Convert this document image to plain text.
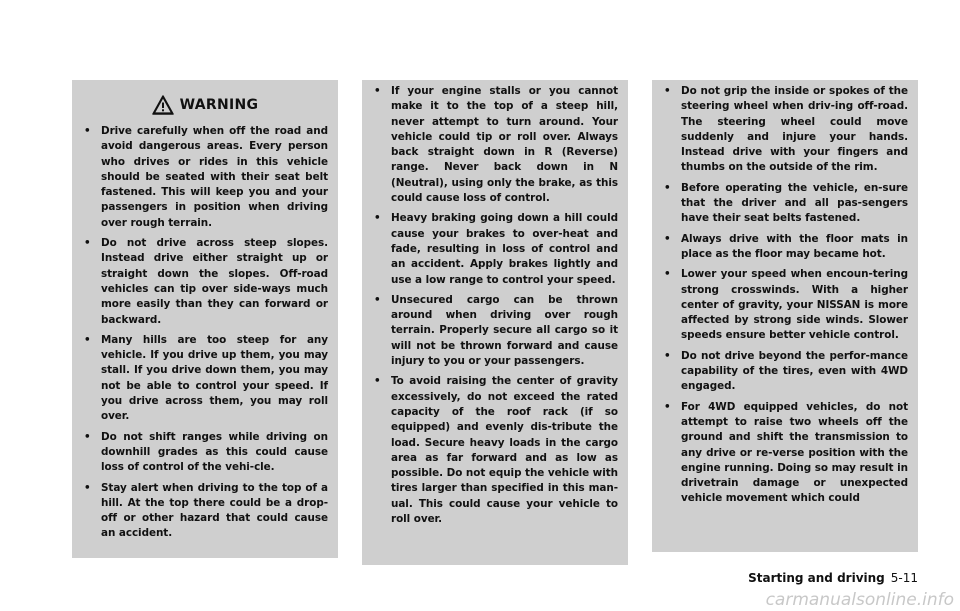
WARNING
• Drive carefully when off the road and avoid dangerous areas. Every person who drives or rides in this vehicle should be seated with their seat belt fastened. This will keep you and your passengers in position when driving over rough terrain.
• Do not drive across steep slopes. Instead drive either straight up or straight down the slopes. Off-road vehicles can tip over side-ways much more easily than they can forward or backward.
• Many hills are too steep for any vehicle. If you drive up them, you may stall. If you drive down them, you may not be able to control your speed. If you drive across them, you may roll over.
• Do not shift ranges while driving on downhill grades as this could cause loss of control of the vehi-cle.
• Stay alert when driving to the top of a hill. At the top there could be a drop-off or other hazard that could cause an accident.
• If your engine stalls or you cannot make it to the top of a steep hill, never attempt to turn around. Your vehicle could tip or roll over. Always back straight down in R (Reverse) range. Never back down in N (Neutral), using only the brake, as this could cause loss of control.
• Heavy braking going down a hill could cause your brakes to over-heat and fade, resulting in loss of control and an accident. Apply brakes lightly and use a low range to control your speed.
• Unsecured cargo can be thrown around when driving over rough terrain. Properly secure all cargo so it will not be thrown forward and cause injury to you or your passengers.
• To avoid raising the center of gravity excessively, do not exceed the rated capacity of the roof rack (if so equipped) and evenly dis-tribute the load. Secure heavy loads in the cargo area as far forward and as low as possible. Do not equip the vehicle with tires larger than specified in this man-ual. This could cause your vehicle to roll over.
• Do not grip the inside or spokes of the steering wheel when driv-ing off-road. The steering wheel could move suddenly and injure your hands. Instead drive with your fingers and thumbs on the outside of the rim.
• Before operating the vehicle, en-sure that the driver and all pas-sengers have their seat belts fastened.
• Always drive with the floor mats in place as the floor may became hot.
• Lower your speed when encoun-tering strong crosswinds. With a higher center of gravity, your NISSAN is more affected by strong side winds. Slower speeds ensure better vehicle control.
• Do not drive beyond the perfor-mance capability of the tires, even with 4WD engaged.
• For 4WD equipped vehicles, do not attempt to raise two wheels off the ground and shift the transmission to any drive or re-verse position with the engine running. Doing so may result in drivetrain damage or unexpected vehicle movement which could
Starting and driving 5-11
carmanualsonline.info
